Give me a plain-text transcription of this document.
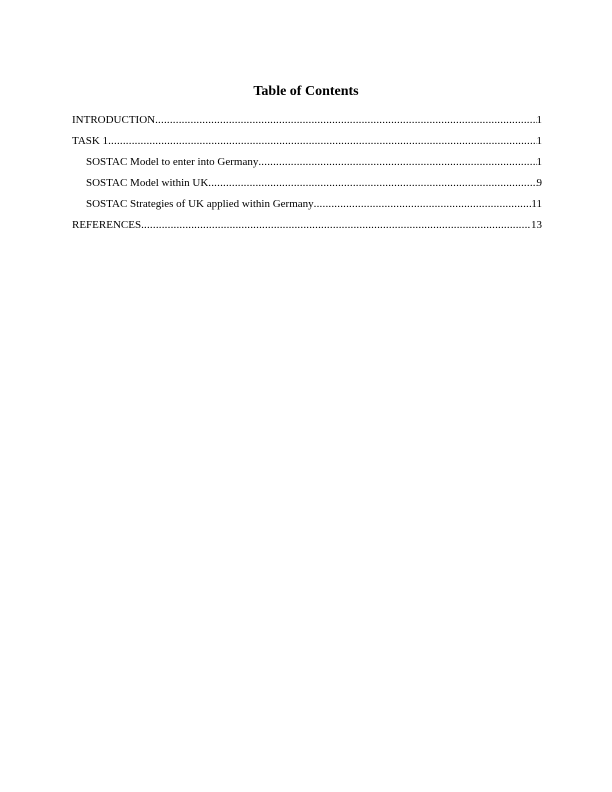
Table of Contents
INTRODUCTION .....	1
TASK 1 .....	1
SOSTAC Model to enter into Germany .....	1
SOSTAC Model within UK .....	9
SOSTAC Strategies of UK applied within Germany .....	11
REFERENCES .....	13
